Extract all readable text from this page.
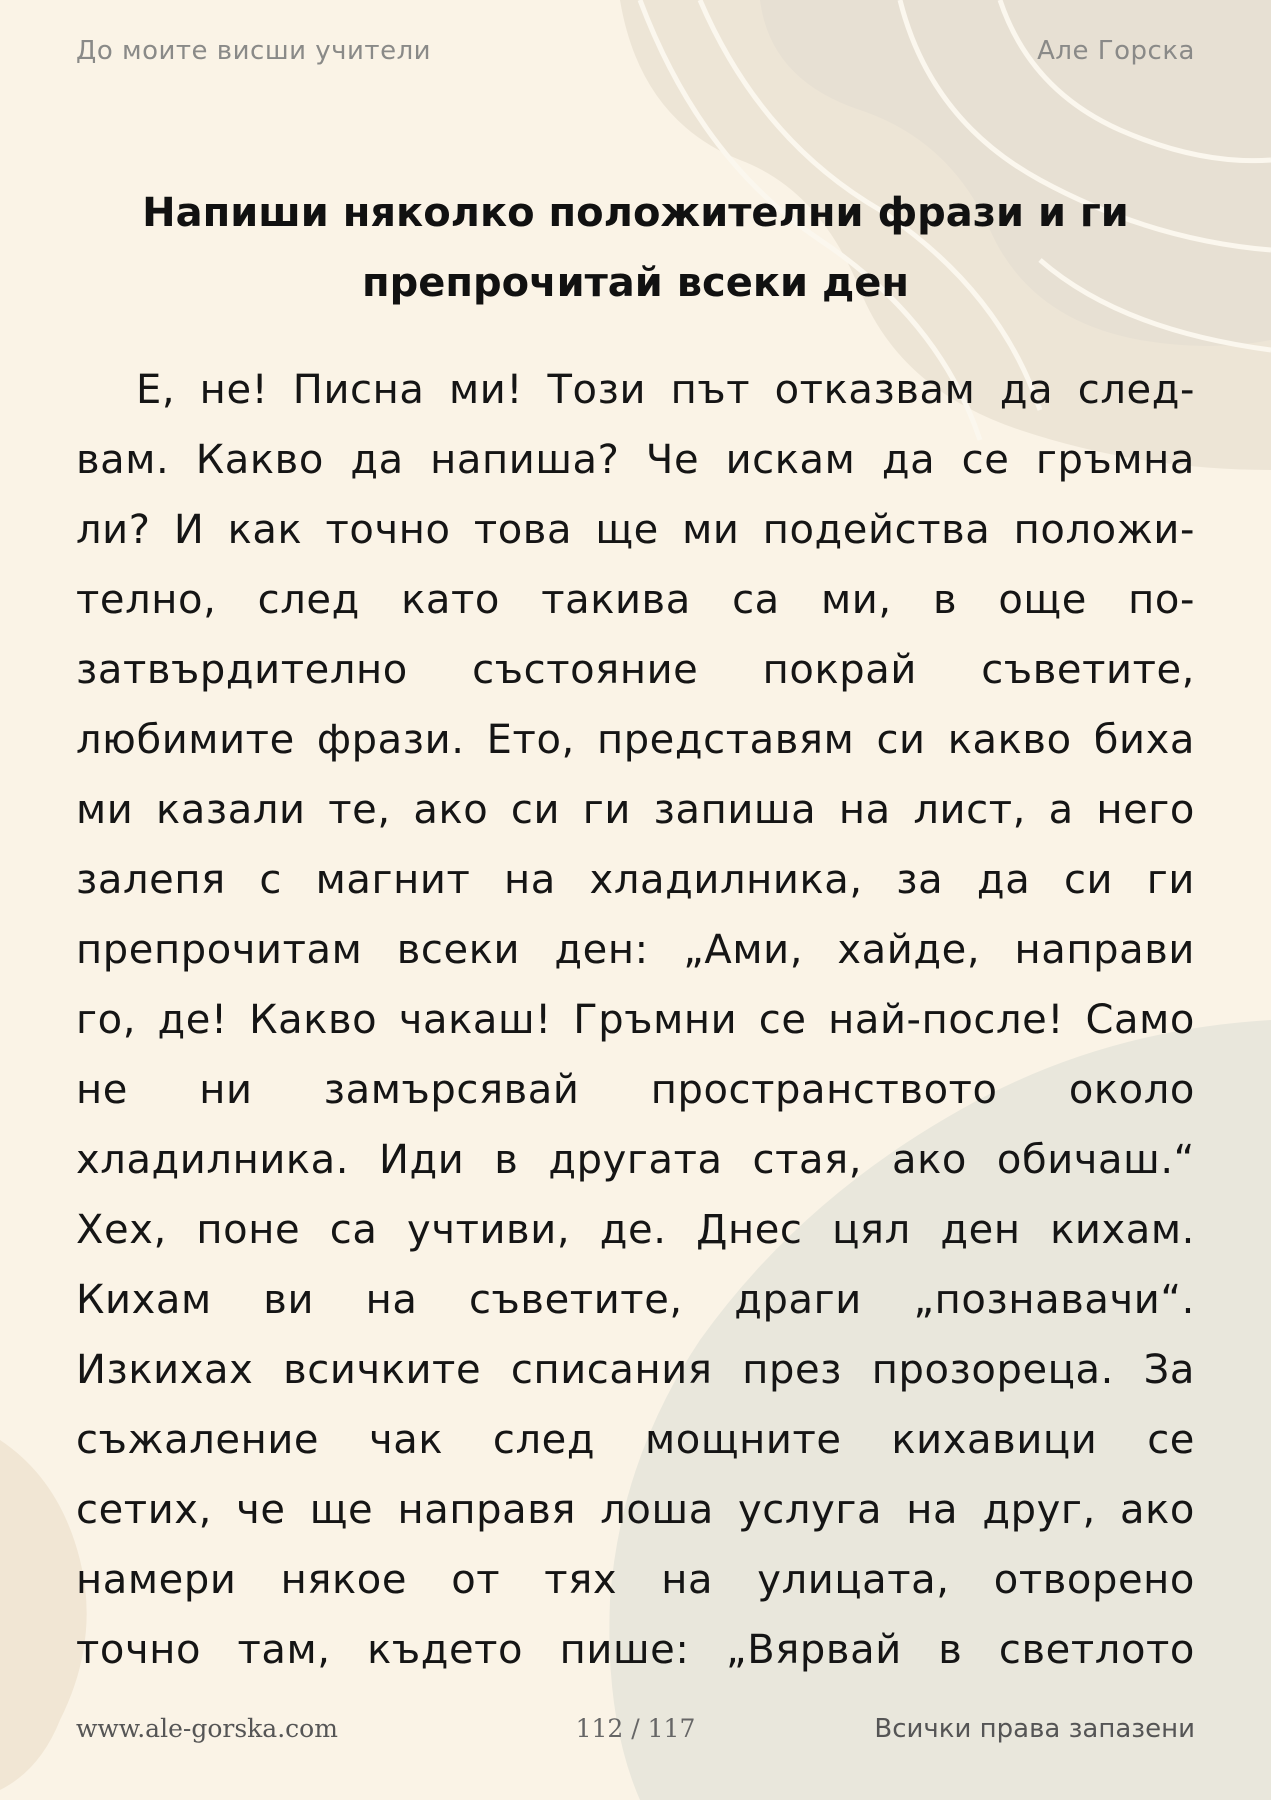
До моите висши учители	Але Горска
Напиши няколко положителни фрази и ги
препрочитай всеки ден
Е, не! Писна ми! Този път отказвам да след-
вам. Какво да напиша? Че искам да се гръмна
ли? И как точно това ще ми подейства положи-
телно, след като такива са ми, в още по-
затвърдително състояние покрай съветите,
любимите фрази. Ето, представям си какво биха
ми казали те, ако си ги запиша на лист, а него
залепя с магнит на хладилника, за да си ги
препрочитам всеки ден: „Ами, хайде, направи
го, де! Какво чакаш! Гръмни се най-после! Само
не ни замърсявай пространството около
хладилника. Иди в другата стая, ако обичаш.“
Хех, поне са учтиви, де. Днес цял ден кихам.
Кихам ви на съветите, драги „познавачи“.
Изкихах всичките списания през прозореца. За
съжаление чак след мощните кихавици се
сетих, че ще направя лоша услуга на друг, ако
намери някое от тях на улицата, отворено
точно там, където пише: „Вярвай в светлото
www.ale-gorska.com	112 / 117	Всички права запазени
